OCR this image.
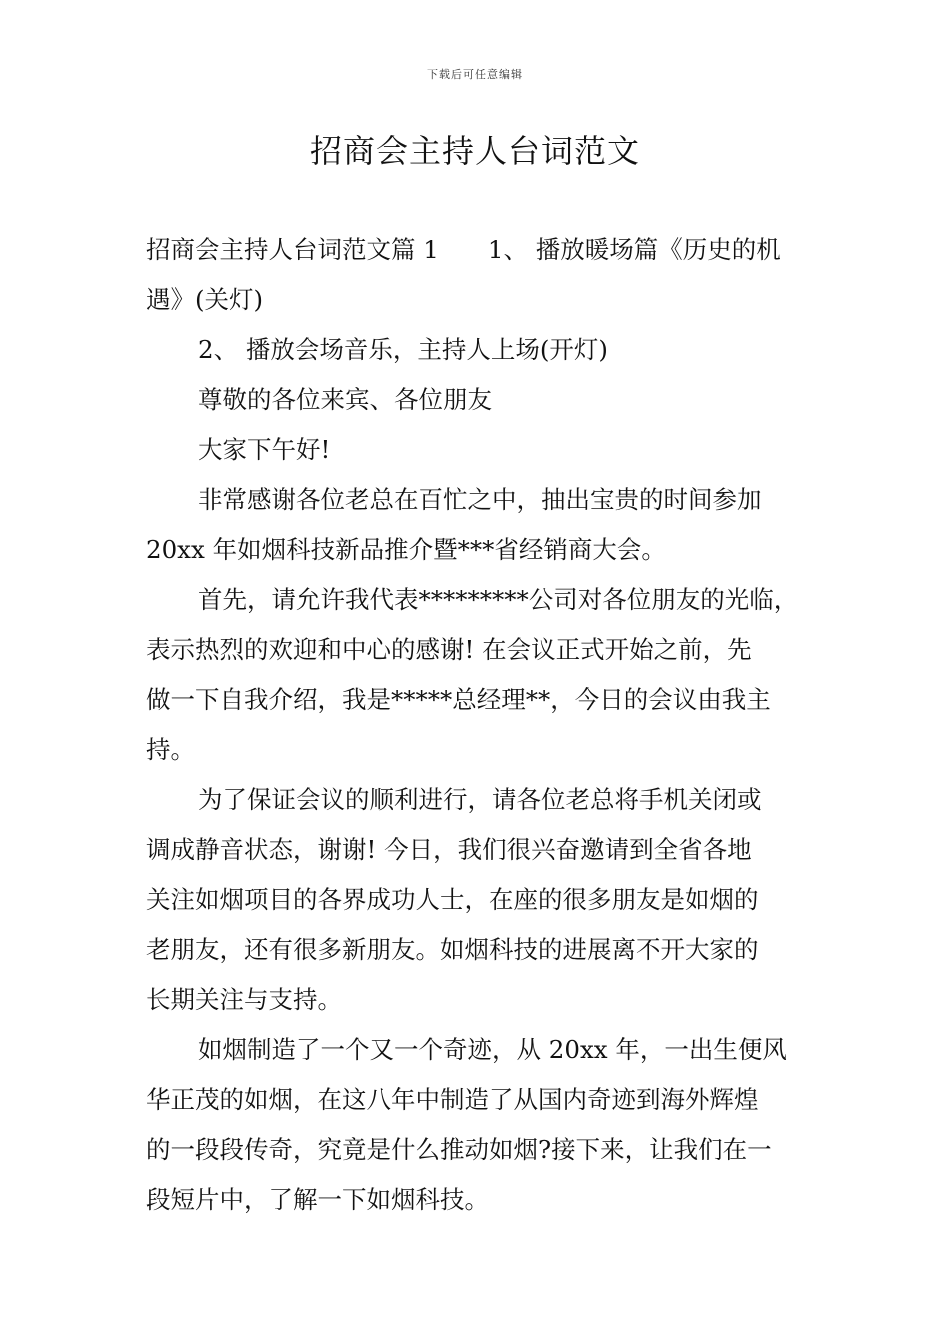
下载后可任意编辑
招商会主持人台词范文
招商会主持人台词范文篇 1　　1、 播放暖场篇《历史的机
遇》(关灯)
2、 播放会场音乐，主持人上场(开灯)
尊敬的各位来宾、各位朋友
大家下午好!
非常感谢各位老总在百忙之中，抽出宝贵的时间参加
20xx 年如烟科技新品推介暨***省经销商大会。
首先，请允许我代表*********公司对各位朋友的光临，
表示热烈的欢迎和中心的感谢! 在会议正式开始之前，先
做一下自我介绍，我是*****总经理**，今日的会议由我主
持。
为了保证会议的顺利进行，请各位老总将手机关闭或
调成静音状态，谢谢! 今日，我们很兴奋邀请到全省各地
关注如烟项目的各界成功人士，在座的很多朋友是如烟的
老朋友，还有很多新朋友。如烟科技的进展离不开大家的
长期关注与支持。
如烟制造了一个又一个奇迹，从 20xx 年，一出生便风
华正茂的如烟，在这八年中制造了从国内奇迹到海外辉煌
的一段段传奇，究竟是什么推动如烟?接下来，让我们在一
段短片中，了解一下如烟科技。
